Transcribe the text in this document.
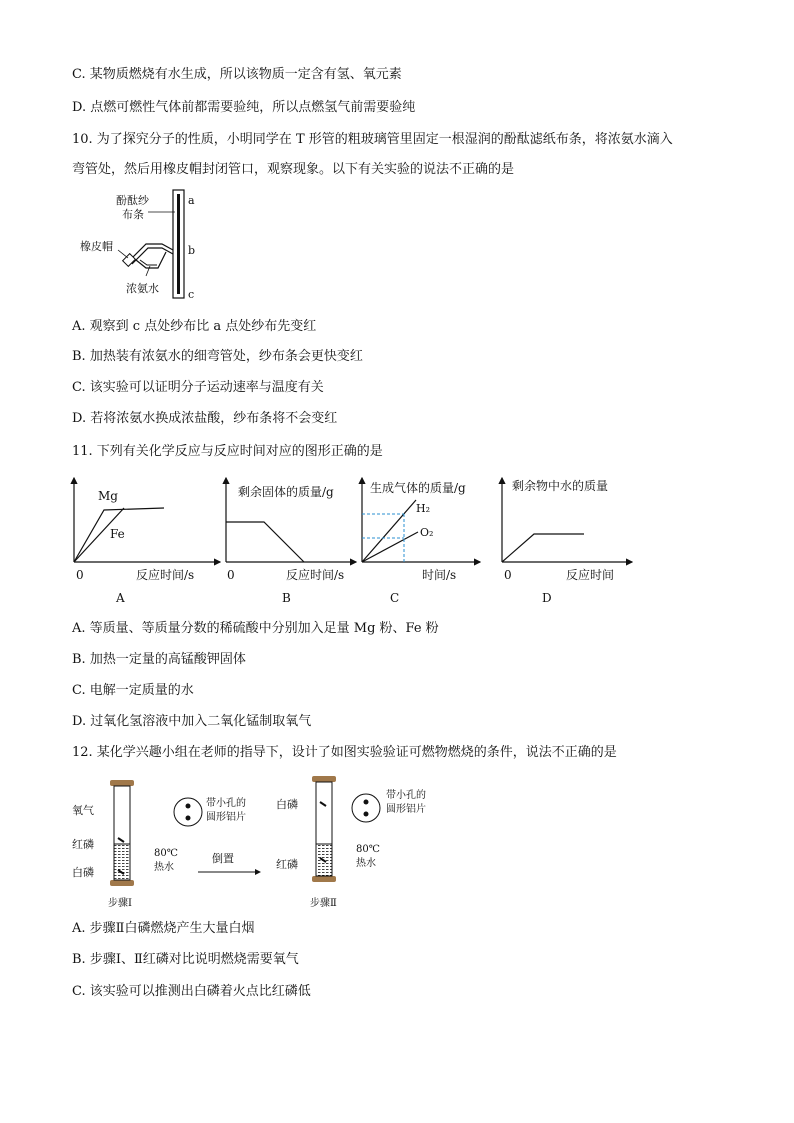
C. 某物质燃烧有水生成，所以该物质一定含有氢、氧元素
D. 点燃可燃性气体前都需要验纯，所以点燃氢气前需要验纯
10. 为了探究分子的性质，小明同学在 T 形管的粗玻璃管里固定一根湿润的酚酞滤纸布条，将浓氨水滴入
弯管处，然后用橡皮帽封闭管口，观察现象。以下有关实验的说法不正确的是
酚酞纱
布条
橡皮帽
浓氨水
a
b
c
A. 观察到 c 点处纱布比 a 点处纱布先变红
B. 加热装有浓氨水的细弯管处，纱布条会更快变红
C. 该实验可以证明分子运动速率与温度有关
D. 若将浓氨水换成浓盐酸，纱布条将不会变红
11. 下列有关化学反应与反应时间对应的图形正确的是
Mg
Fe
0	反应时间/s
A
剩余固体的质量/g
0	反应时间/s
B
生成气体的质量/g
H₂
O₂
时间/s
C
剩余物中水的质量
0	反应时间
D
A. 等质量、等质量分数的稀硫酸中分别加入足量 Mg 粉、Fe 粉
B. 加热一定量的高锰酸钾固体
C. 电解一定质量的水
D. 过氧化氢溶液中加入二氧化锰制取氧气
12. 某化学兴趣小组在老师的指导下，设计了如图实验验证可燃物燃烧的条件，说法不正确的是
氧气
红磷
白磷
80℃
热水
带小孔的
圆形铝片
步骤Ⅰ
倒置
白磷
红磷
80℃
热水
带小孔的
圆形铝片
步骤Ⅱ
A. 步骤Ⅱ白磷燃烧产生大量白烟
B. 步骤Ⅰ、Ⅱ红磷对比说明燃烧需要氧气
C. 该实验可以推测出白磷着火点比红磷低
